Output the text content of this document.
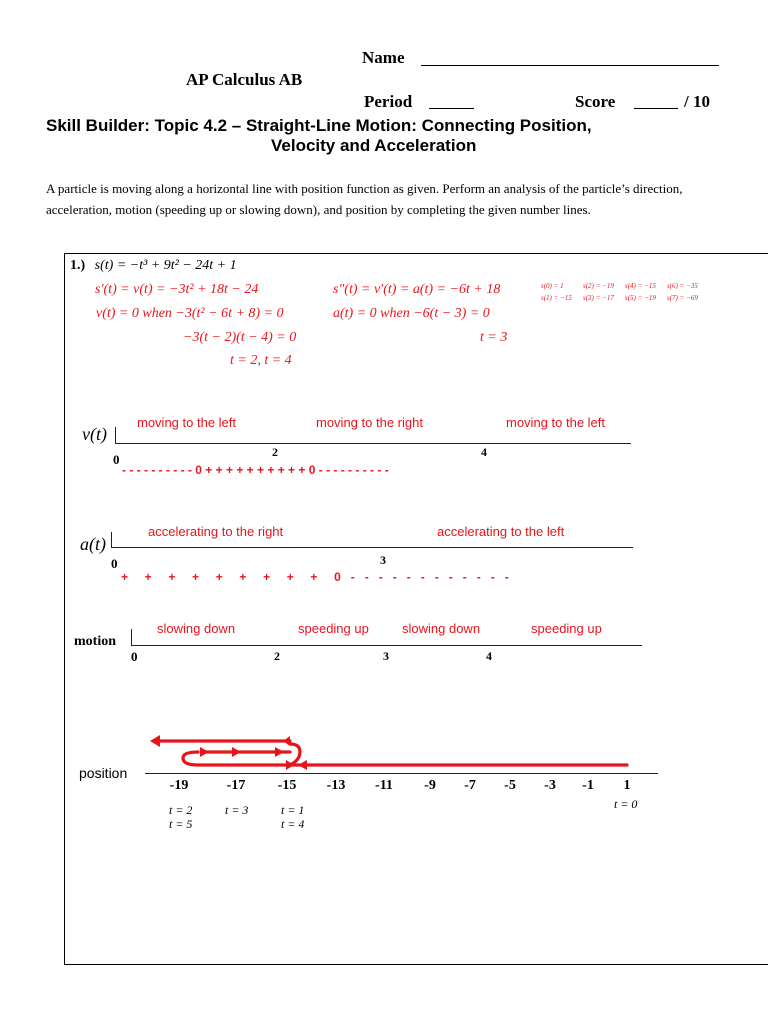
Name
AP Calculus AB
Period	Score	/ 10
Skill Builder: Topic 4.2 – Straight-Line Motion: Connecting Position,
Velocity and Acceleration
A particle is moving along a horizontal line with position function as given. Perform an analysis of the particle’s direction, acceleration, motion (speeding up or slowing down), and position by completing the given number lines.
1.) s(t) = −t³ + 9t² − 24t + 1
s′(t) = v(t) = −3t² + 18t − 24
v(t) = 0 when −3(t² − 6t + 8) = 0
−3(t − 2)(t − 4) = 0
t = 2, t = 4
s″(t) = v′(t) = a(t) = −6t + 18
a(t) = 0 when −6(t − 3) = 0
t = 3
s(0) = 1	s(2) = −19 s(4) = −15 s(6) = −35
s(1) = −15 s(3) = −17 s(5) = −19 s(7) = −69
v(t)
moving to the left	moving to the right	moving to the left
0	2	4
- - - - - - - - - - 0 + + + + + + + + + + 0 - - - - - - - - - -
a(t)
accelerating to the right	accelerating to the left
0	3
+     +     +     +     +     +     +     +     +     0   -   -   -   -   -   -   -   -   -   -   -   -
motion
slowing down	speeding up	slowing down	speeding up
0	2	3	4
position
-19	-17	-15	-13	-11	-9	-7	-5	-3	-1	1
t = 2
t = 5
t = 3	t = 1
t = 4
t = 0
